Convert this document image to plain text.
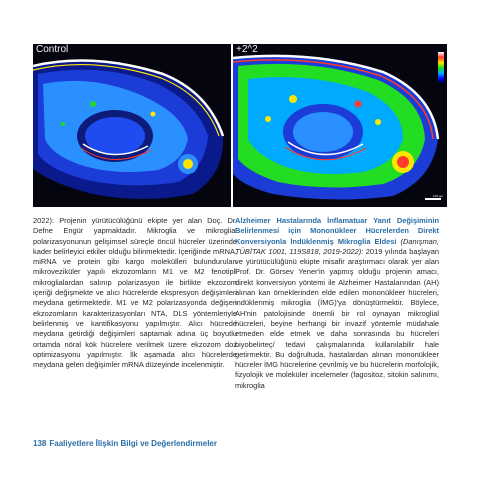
Control	+2^2
100 µm

2022): Projenin yürütücülüğünü ekipte yer alan Doç. Dr. Defne Engür yapmaktadır. Mikroglia ve mikroglial polarizasyonunun gelişimsel süreçle öncül hücreler üzerinde kader belirleyici etkiler olduğu bilinmektedir. İçeriğinde mRNA, miRNA ve protein gibi kargo molekülleri bulunduruları mikroveziküler yapılı ekzozomların M1 ve M2 fenotipli mikroglialardan salınıp polarizasyon ile birlikte ekzozom içeriği değişmekte ve alıcı hücrelerde ekspresyon değişimleri meydana getirmektedir. M1 ve M2 polarizasyonda değişen ekzozomların karakterizasyonları NTA, DLS yöntemleriyle belirlenmiş ve kantifikasyonu yapılmıştır. Alıcı hücrede meydana getirdiği değişimleri saptamak adına üç boyutlu ortamda nöral kök hücrelere verilmek üzere ekzozom doz optimizasyonu yapılmıştır. İlk aşamada alıcı hücrelerde meydana gelen değişimler mRNA düzeyinde incelenmiştir.

Alzheimer Hastalarında İnflamatuar Yanıt Değişiminin Belirlenmesi için Mononükleer Hücrelerden Direkt Konversiyonla İndüklenmiş Mikroglia Eldesi (Danışman, TÜBİTAK 1001, 119S818, 2019-2022): 2019 yılında başlayan ve yürütücülüğünü ekipte misafir araştırmacı olarak yer alan Prof. Dr. Görsev Yener'in yapmış olduğu projenin amacı, direkt konversiyon yöntemi ile Alzheimer Hastalarından (AH) alınan kan örneklerinden elde edilen mononükleer hücreleri, indüklenmiş mikroglia (İMG)'ya dönüştürmektir. Böylece, AH'nin patolojisinde önemli bir rol oynayan mikroglial hücreleri, beyine herhangi bir invazif yöntemle müdahale etmeden elde etmek ve daha sonrasında bu hücreleri biyobelirteç/ tedavi çalışmalarında kullanılabilir hale getirmektir. Bu doğrultuda, hastalardan alınan mononükleer hücreler İMG hücrelerine çevrilmiş ve bu hücrelerin morfolojik, fizyolojik ve moleküler incelemeler (fagositoz, sitokin salınımı, mikroglia

138 Faaliyetlere İlişkin Bilgi ve Değerlendirmeler
